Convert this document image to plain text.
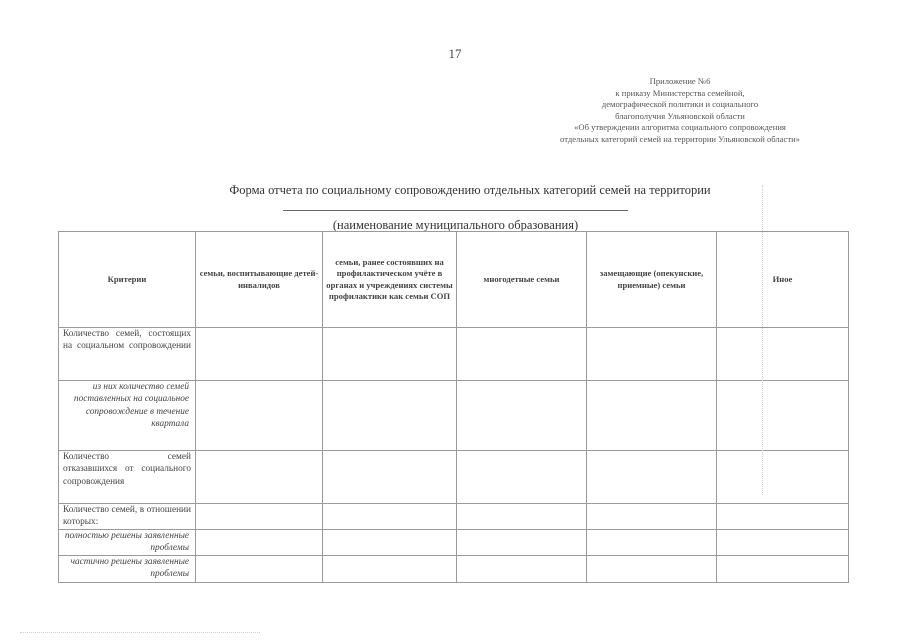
17
Приложение №6
к приказу Министерства семейной,
демографической политики и социального
благополучия Ульяновской области
«Об утверждении алгоритма социального сопровождения
отдельных категорий семей на территории Ульяновской области»
Форма отчета по социальному сопровождению отдельных категорий семей на территории
(наименование муниципального образования)
Критерии	семьи, воспитывающие детей-инвалидов	семьи, ранее состоявших на профилактическом учёте в органах и учреждениях системы профилактики как семьи СОП	многодетные семьи	замещающие (опекунские, приемные) семьи	Иное
Количество семей, состоящих на социальном сопровождении					
из них количество семей поставленных на социальное сопровождение в течение квартала					
Количество семей отказавшихся от социального сопровождения					
Количество семей, в отношении которых:					
полностью решены заявленные проблемы					
частично решены заявленные проблемы					
